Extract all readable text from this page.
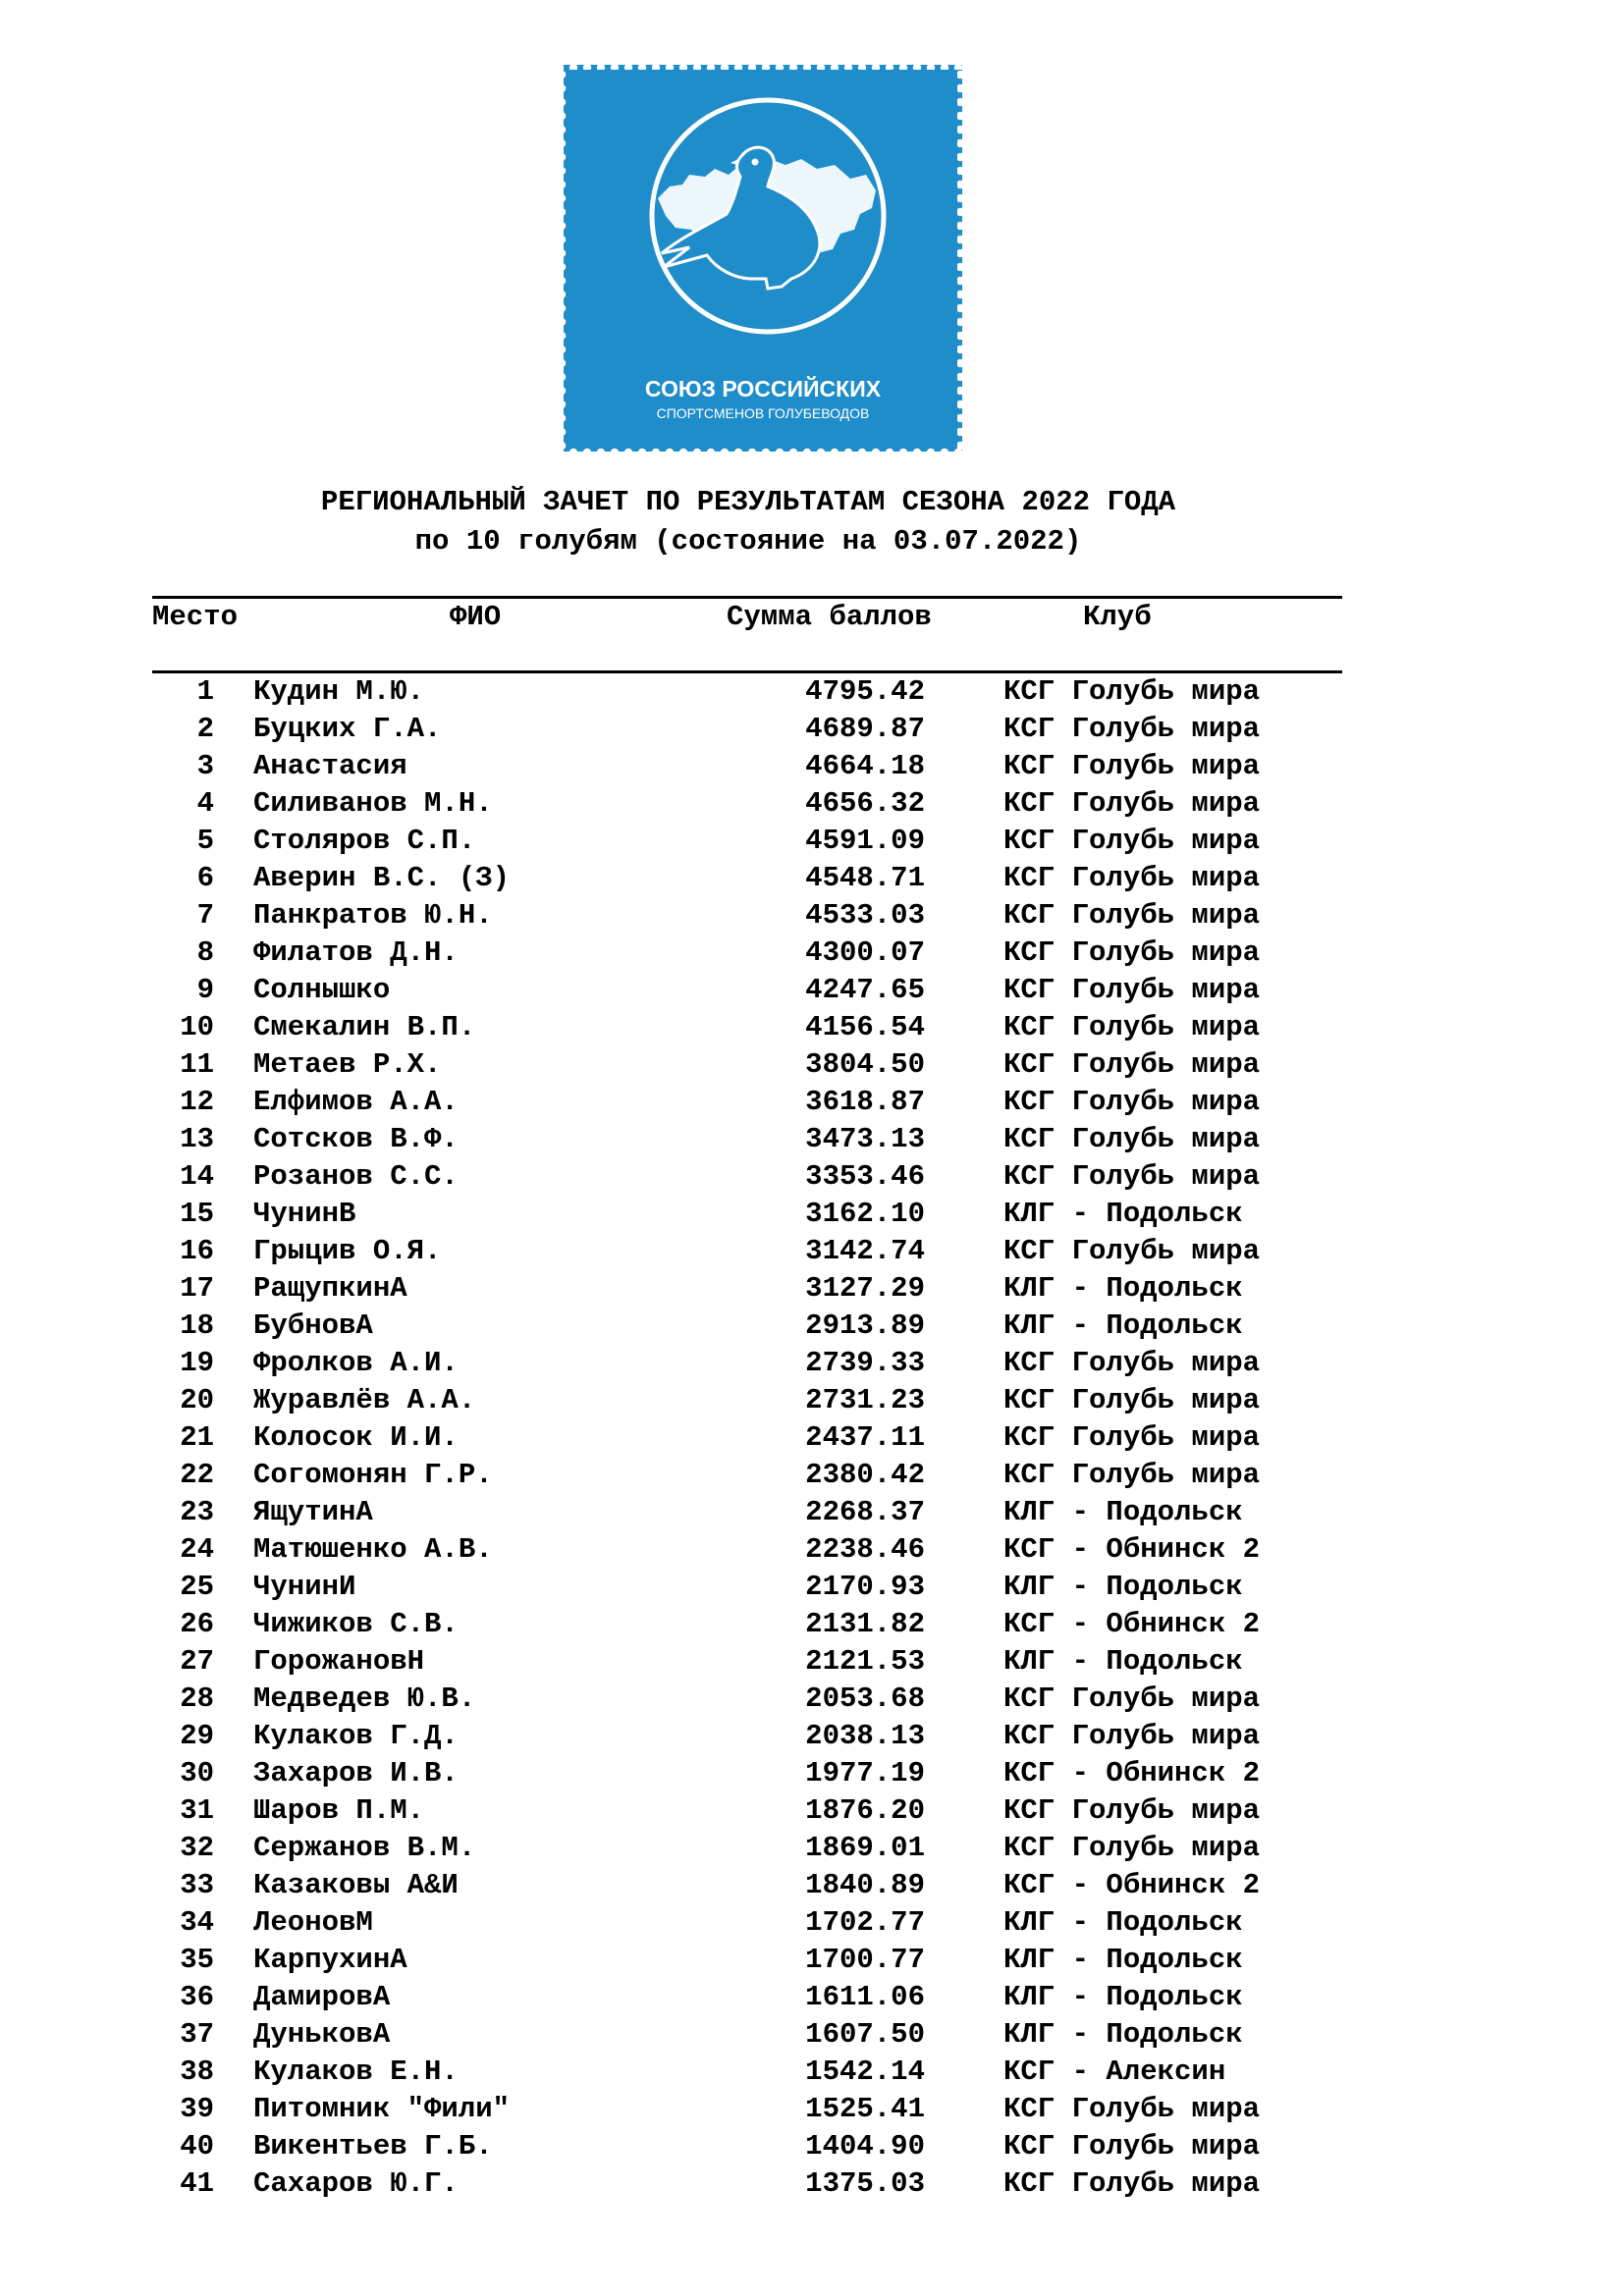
СОЮЗ РОССИЙСКИХ
СПОРТСМЕНОВ ГОЛУБЕВОДОВ
РЕГИОНАЛЬНЫЙ ЗАЧЕТ ПО РЕЗУЛЬТАТАМ СЕЗОНА 2022 ГОДА
по 10 голубям (состояние на 03.07.2022)
Место	ФИО	Сумма баллов	Клуб
1 Кудин М.Ю.	4795.42	КСГ Голубь мира
2 Буцких Г.А.	4689.87	КСГ Голубь мира
3 Анастасия	4664.18	КСГ Голубь мира
4 Силиванов М.Н.	4656.32	КСГ Голубь мира
5 Столяров С.П.	4591.09	КСГ Голубь мира
6 Аверин В.С. (З)	4548.71	КСГ Голубь мира
7 Панкратов Ю.Н.	4533.03	КСГ Голубь мира
8 Филатов Д.Н.	4300.07	КСГ Голубь мира
9 Солнышко	4247.65	КСГ Голубь мира
10 Смекалин В.П.	4156.54	КСГ Голубь мира
11 Метаев Р.Х.	3804.50	КСГ Голубь мира
12 Елфимов А.А.	3618.87	КСГ Голубь мира
13 Сотсков В.Ф.	3473.13	КСГ Голубь мира
14 Розанов С.С.	3353.46	КСГ Голубь мира
15 ЧунинВ	3162.10	КЛГ - Подольск
16 Грыцив О.Я.	3142.74	КСГ Голубь мира
17 РащупкинА	3127.29	КЛГ - Подольск
18 БубновА	2913.89	КЛГ - Подольск
19 Фролков А.И.	2739.33	КСГ Голубь мира
20 Журавлёв А.А.	2731.23	КСГ Голубь мира
21 Колосок И.И.	2437.11	КСГ Голубь мира
22 Согомонян Г.Р.	2380.42	КСГ Голубь мира
23 ЯщутинА	2268.37	КЛГ - Подольск
24 Матюшенко А.В.	2238.46	КСГ - Обнинск 2
25 ЧунинИ	2170.93	КЛГ - Подольск
26 Чижиков С.В.	2131.82	КСГ - Обнинск 2
27 ГорожановН	2121.53	КЛГ - Подольск
28 Медведев Ю.В.	2053.68	КСГ Голубь мира
29 Кулаков Г.Д.	2038.13	КСГ Голубь мира
30 Захаров И.В.	1977.19	КСГ - Обнинск 2
31 Шаров П.М.	1876.20	КСГ Голубь мира
32 Сержанов В.М.	1869.01	КСГ Голубь мира
33 Казаковы А&И	1840.89	КСГ - Обнинск 2
34 ЛеоновМ	1702.77	КЛГ - Подольск
35 КарпухинА	1700.77	КЛГ - Подольск
36 ДамировА	1611.06	КЛГ - Подольск
37 ДуньковА	1607.50	КЛГ - Подольск
38 Кулаков Е.Н.	1542.14	КСГ - Алексин
39 Питомник "Фили"	1525.41	КСГ Голубь мира
40 Викентьев Г.Б.	1404.90	КСГ Голубь мира
41 Сахаров Ю.Г.	1375.03	КСГ Голубь мира
